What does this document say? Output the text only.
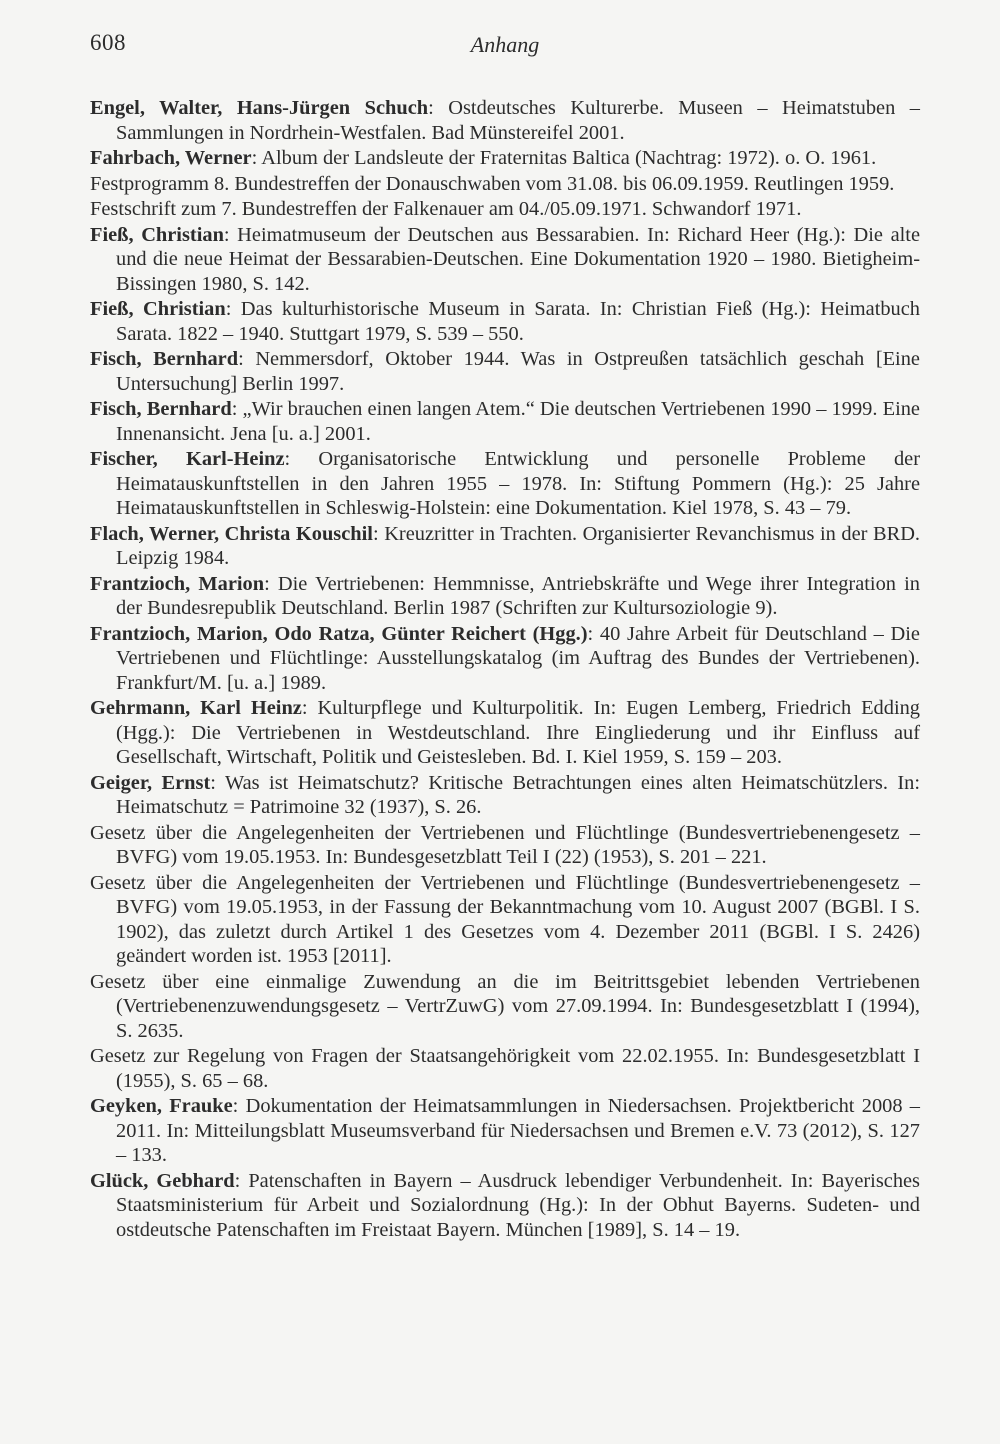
608	Anhang

Engel, Walter, Hans-Jürgen Schuch: Ostdeutsches Kulturerbe. Museen – Heimatstuben – Sammlungen in Nordrhein-Westfalen. Bad Münstereifel 2001.

Fahrbach, Werner: Album der Landsleute der Fraternitas Baltica (Nachtrag: 1972). o. O. 1961.

Festprogramm 8. Bundestreffen der Donauschwaben vom 31.08. bis 06.09.1959. Reutlingen 1959.

Festschrift zum 7. Bundestreffen der Falkenauer am 04./05.09.1971. Schwandorf 1971.

Fieß, Christian: Heimatmuseum der Deutschen aus Bessarabien. In: Richard Heer (Hg.): Die alte und die neue Heimat der Bessarabien-Deutschen. Eine Dokumentation 1920 – 1980. Bietigheim-Bissingen 1980, S. 142.

Fieß, Christian: Das kulturhistorische Museum in Sarata. In: Christian Fieß (Hg.): Heimatbuch Sarata. 1822 – 1940. Stuttgart 1979, S. 539 – 550.

Fisch, Bernhard: Nemmersdorf, Oktober 1944. Was in Ostpreußen tatsächlich geschah [Eine Untersuchung] Berlin 1997.

Fisch, Bernhard: „Wir brauchen einen langen Atem.“ Die deutschen Vertriebenen 1990 – 1999. Eine Innenansicht. Jena [u. a.] 2001.

Fischer, Karl-Heinz: Organisatorische Entwicklung und personelle Probleme der Heimatauskunftstellen in den Jahren 1955 – 1978. In: Stiftung Pommern (Hg.): 25 Jahre Heimatauskunftstellen in Schleswig-Holstein: eine Dokumentation. Kiel 1978, S. 43 – 79.

Flach, Werner, Christa Kouschil: Kreuzritter in Trachten. Organisierter Revanchismus in der BRD. Leipzig 1984.

Frantzioch, Marion: Die Vertriebenen: Hemmnisse, Antriebskräfte und Wege ihrer Integration in der Bundesrepublik Deutschland. Berlin 1987 (Schriften zur Kultursoziologie 9).

Frantzioch, Marion, Odo Ratza, Günter Reichert (Hgg.): 40 Jahre Arbeit für Deutschland – Die Vertriebenen und Flüchtlinge: Ausstellungskatalog (im Auftrag des Bundes der Vertriebenen). Frankfurt/M. [u. a.] 1989.

Gehrmann, Karl Heinz: Kulturpflege und Kulturpolitik. In: Eugen Lemberg, Friedrich Edding (Hgg.): Die Vertriebenen in Westdeutschland. Ihre Eingliederung und ihr Einfluss auf Gesellschaft, Wirtschaft, Politik und Geistesleben. Bd. I. Kiel 1959, S. 159 – 203.

Geiger, Ernst: Was ist Heimatschutz? Kritische Betrachtungen eines alten Heimatschützlers. In: Heimatschutz = Patrimoine 32 (1937), S. 26.

Gesetz über die Angelegenheiten der Vertriebenen und Flüchtlinge (Bundesvertriebenengesetz – BVFG) vom 19.05.1953. In: Bundesgesetzblatt Teil I (22) (1953), S. 201 – 221.

Gesetz über die Angelegenheiten der Vertriebenen und Flüchtlinge (Bundesvertriebenengesetz – BVFG) vom 19.05.1953, in der Fassung der Bekanntmachung vom 10. August 2007 (BGBl. I S. 1902), das zuletzt durch Artikel 1 des Gesetzes vom 4. Dezember 2011 (BGBl. I S. 2426) geändert worden ist. 1953 [2011].

Gesetz über eine einmalige Zuwendung an die im Beitrittsgebiet lebenden Vertriebenen (Vertriebenenzuwendungsgesetz – VertrZuwG) vom 27.09.1994. In: Bundesgesetzblatt I (1994), S. 2635.

Gesetz zur Regelung von Fragen der Staatsangehörigkeit vom 22.02.1955. In: Bundesgesetzblatt I (1955), S. 65 – 68.

Geyken, Frauke: Dokumentation der Heimatsammlungen in Niedersachsen. Projektbericht 2008 – 2011. In: Mitteilungsblatt Museumsverband für Niedersachsen und Bremen e.V. 73 (2012), S. 127 – 133.

Glück, Gebhard: Patenschaften in Bayern – Ausdruck lebendiger Verbundenheit. In: Bayerisches Staatsministerium für Arbeit und Sozialordnung (Hg.): In der Obhut Bayerns. Sudeten- und ostdeutsche Patenschaften im Freistaat Bayern. München [1989], S. 14 – 19.
